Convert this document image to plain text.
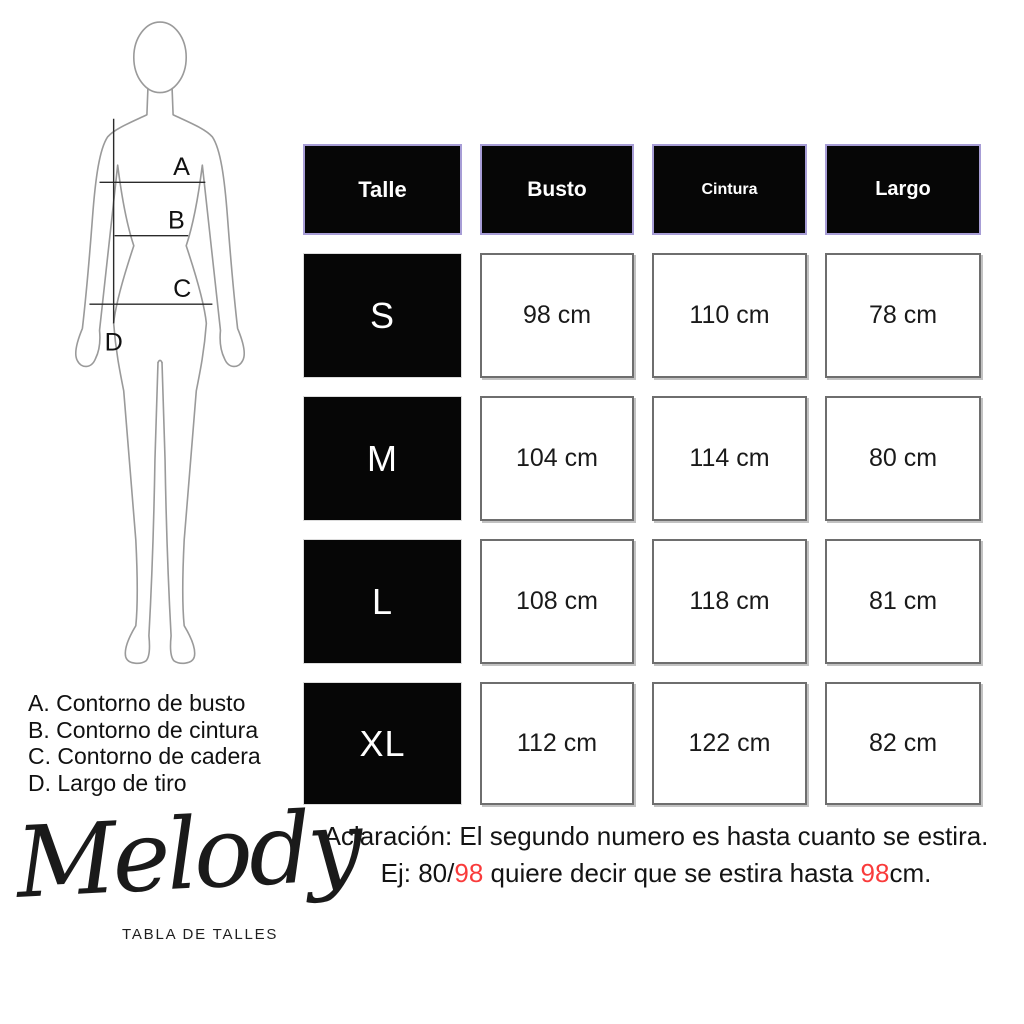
A
B
C
D
A. Contorno de busto
B. Contorno de cintura
C. Contorno de cadera
D. Largo de tiro
Talle	Busto	Cintura	Largo
S	98 cm	110 cm	78 cm
M	104 cm	114 cm	80 cm
L	108 cm	118 cm	81 cm
XL	112 cm	122 cm	82 cm
Aclaración: El segundo numero es hasta cuanto se estira.
Ej: 80/98 quiere decir que se estira hasta 98cm.
Melody
TABLA DE TALLES
